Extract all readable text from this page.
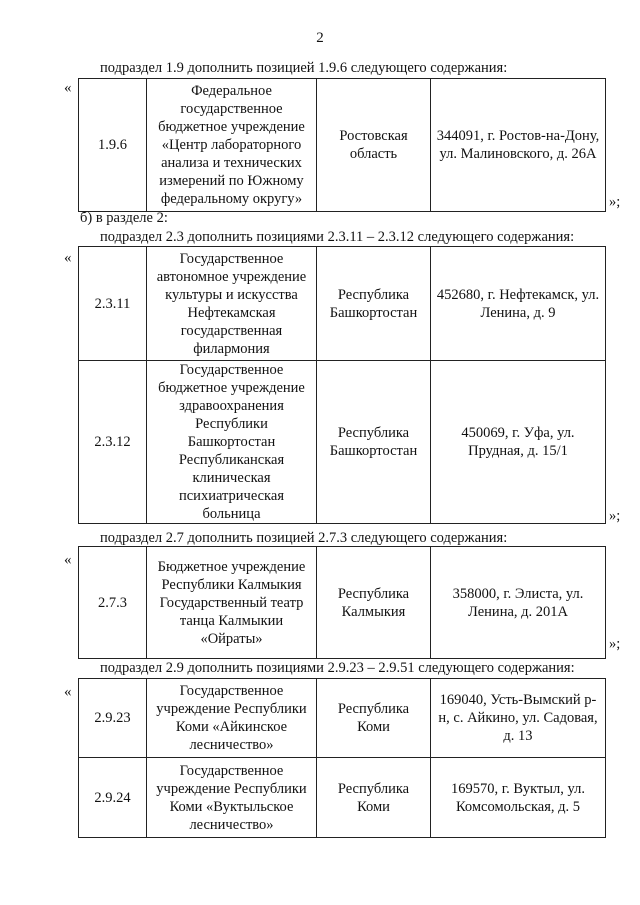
2
подраздел 1.9 дополнить позицией 1.9.6 следующего содержания:
«
1.9.6	Федеральное государственное бюджетное учреждение «Центр лабораторного анализа и технических измерений по Южному федеральному округу»	Ростовская область	344091, г. Ростов-на-Дону, ул. Малиновского, д. 26А
»;
б) в разделе 2:
подраздел 2.3 дополнить позициями 2.3.11 – 2.3.12 следующего содержания:
«
2.3.11	Государственное автономное учреждение культуры и искусства Нефтекамская государственная филармония	Республика Башкортостан	452680, г. Нефтекамск, ул. Ленина, д. 9
2.3.12	Государственное бюджетное учреждение здравоохранения Республики Башкортостан Республиканская клиническая психиатрическая больница	Республика Башкортостан	450069, г. Уфа, ул. Прудная, д. 15/1
»;
подраздел 2.7 дополнить позицией 2.7.3 следующего содержания:
«
2.7.3	Бюджетное учреждение Республики Калмыкия Государственный театр танца Калмыкии «Ойраты»	Республика Калмыкия	358000, г. Элиста, ул. Ленина, д. 201А
»;
подраздел 2.9 дополнить позициями 2.9.23 – 2.9.51 следующего содержания:
«
2.9.23	Государственное учреждение Республики Коми «Айкинское лесничество»	Республика Коми	169040, Усть-Вымский р-н, с. Айкино, ул. Садовая, д. 13
2.9.24	Государственное учреждение Республики Коми «Вуктыльское лесничество»	Республика Коми	169570, г. Вуктыл, ул. Комсомольская, д. 5
